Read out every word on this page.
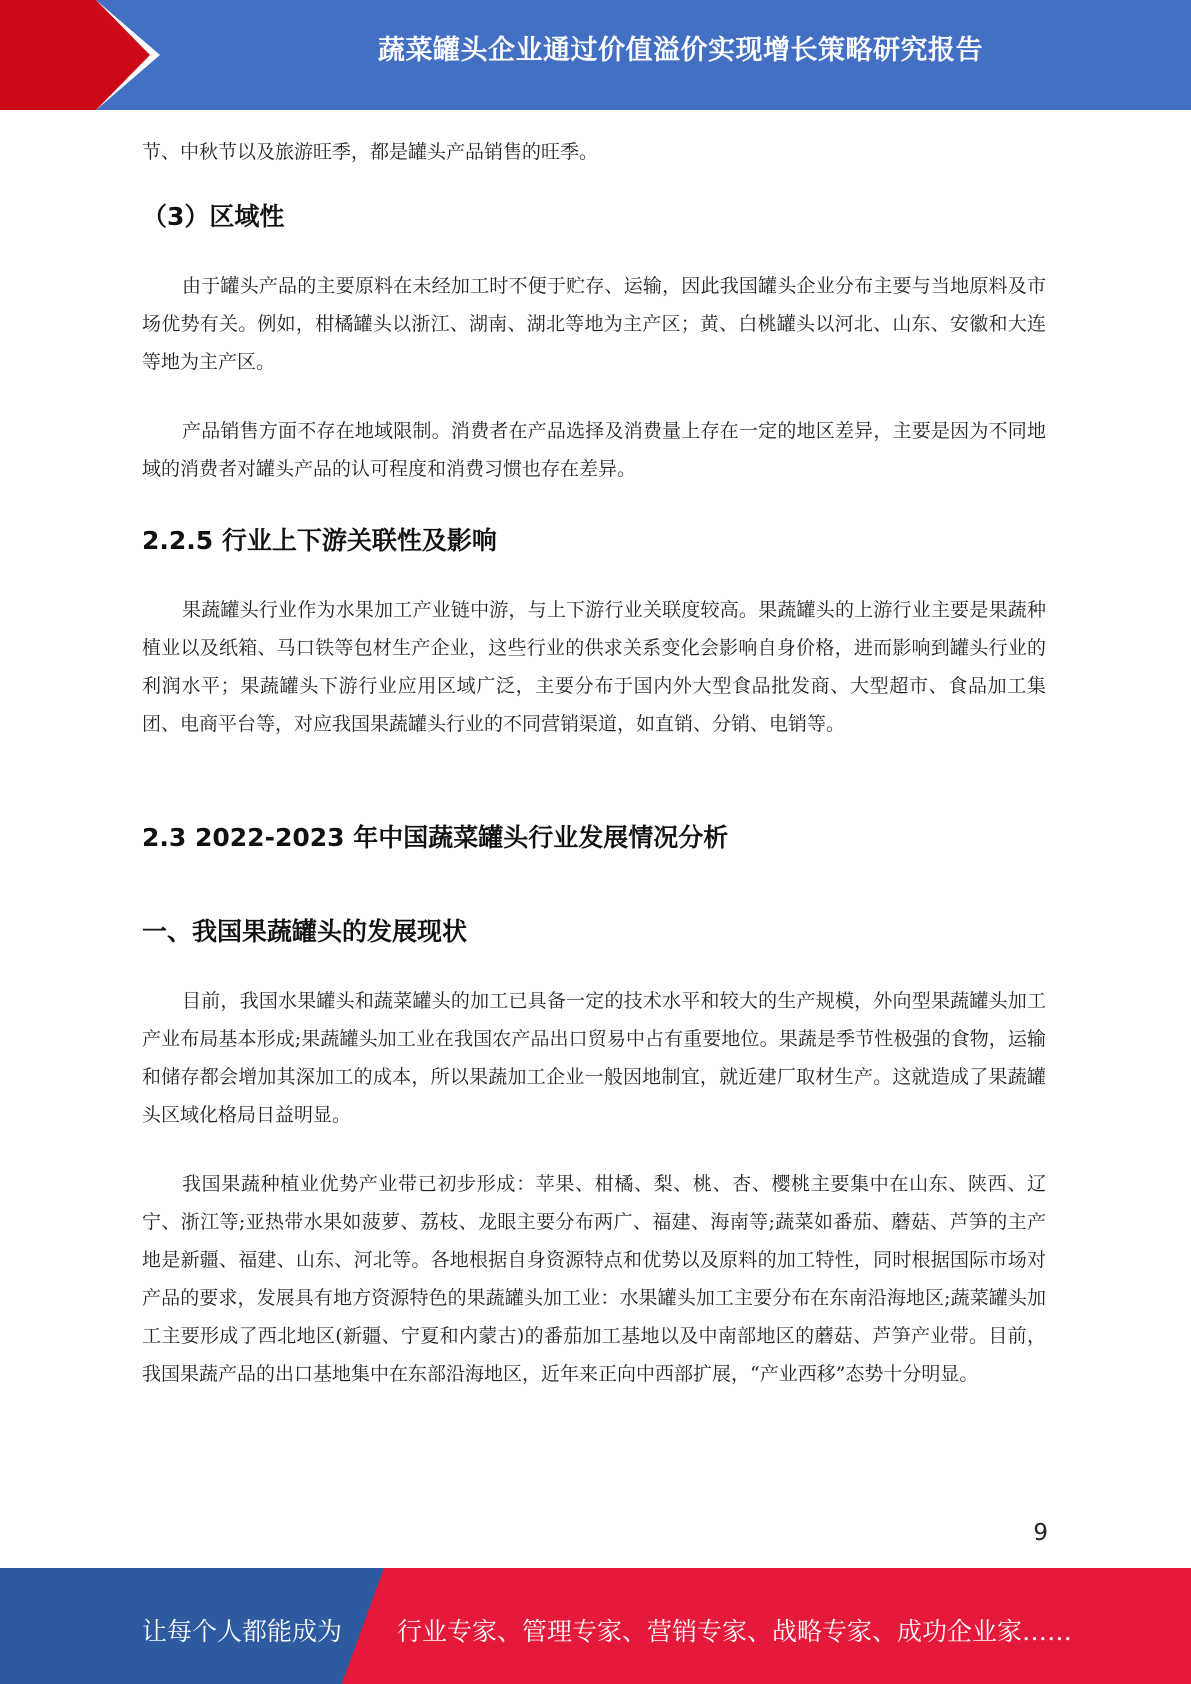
蔬菜罐头企业通过价值溢价实现增长策略研究报告

节、中秋节以及旅游旺季，都是罐头产品销售的旺季。

（3）区域性

由于罐头产品的主要原料在未经加工时不便于贮存、运输，因此我国罐头企业分布主要与当地原料及市场优势有关。例如，柑橘罐头以浙江、湖南、湖北等地为主产区；黄、白桃罐头以河北、山东、安徽和大连等地为主产区。

产品销售方面不存在地域限制。消费者在产品选择及消费量上存在一定的地区差异，主要是因为不同地域的消费者对罐头产品的认可程度和消费习惯也存在差异。

2.2.5 行业上下游关联性及影响

果蔬罐头行业作为水果加工产业链中游，与上下游行业关联度较高。果蔬罐头的上游行业主要是果蔬种植业以及纸箱、马口铁等包材生产企业，这些行业的供求关系变化会影响自身价格，进而影响到罐头行业的利润水平；果蔬罐头下游行业应用区域广泛，主要分布于国内外大型食品批发商、大型超市、食品加工集团、电商平台等，对应我国果蔬罐头行业的不同营销渠道，如直销、分销、电销等。

2.3 2022-2023 年中国蔬菜罐头行业发展情况分析
一、我国果蔬罐头的发展现状

目前，我国水果罐头和蔬菜罐头的加工已具备一定的技术水平和较大的生产规模，外向型果蔬罐头加工产业布局基本形成;果蔬罐头加工业在我国农产品出口贸易中占有重要地位。果蔬是季节性极强的食物，运输和储存都会增加其深加工的成本，所以果蔬加工企业一般因地制宜，就近建厂取材生产。这就造成了果蔬罐头区域化格局日益明显。

我国果蔬种植业优势产业带已初步形成：苹果、柑橘、梨、桃、杏、樱桃主要集中在山东、陕西、辽宁、浙江等;亚热带水果如菠萝、荔枝、龙眼主要分布两广、福建、海南等;蔬菜如番茄、蘑菇、芦笋的主产地是新疆、福建、山东、河北等。各地根据自身资源特点和优势以及原料的加工特性，同时根据国际市场对产品的要求，发展具有地方资源特色的果蔬罐头加工业：水果罐头加工主要分布在东南沿海地区;蔬菜罐头加工主要形成了西北地区(新疆、宁夏和内蒙古)的番茄加工基地以及中南部地区的蘑菇、芦笋产业带。目前，我国果蔬产品的出口基地集中在东部沿海地区，近年来正向中西部扩展，“产业西移”态势十分明显。

9
让每个人都能成为 行业专家、管理专家、营销专家、战略专家、成功企业家……
